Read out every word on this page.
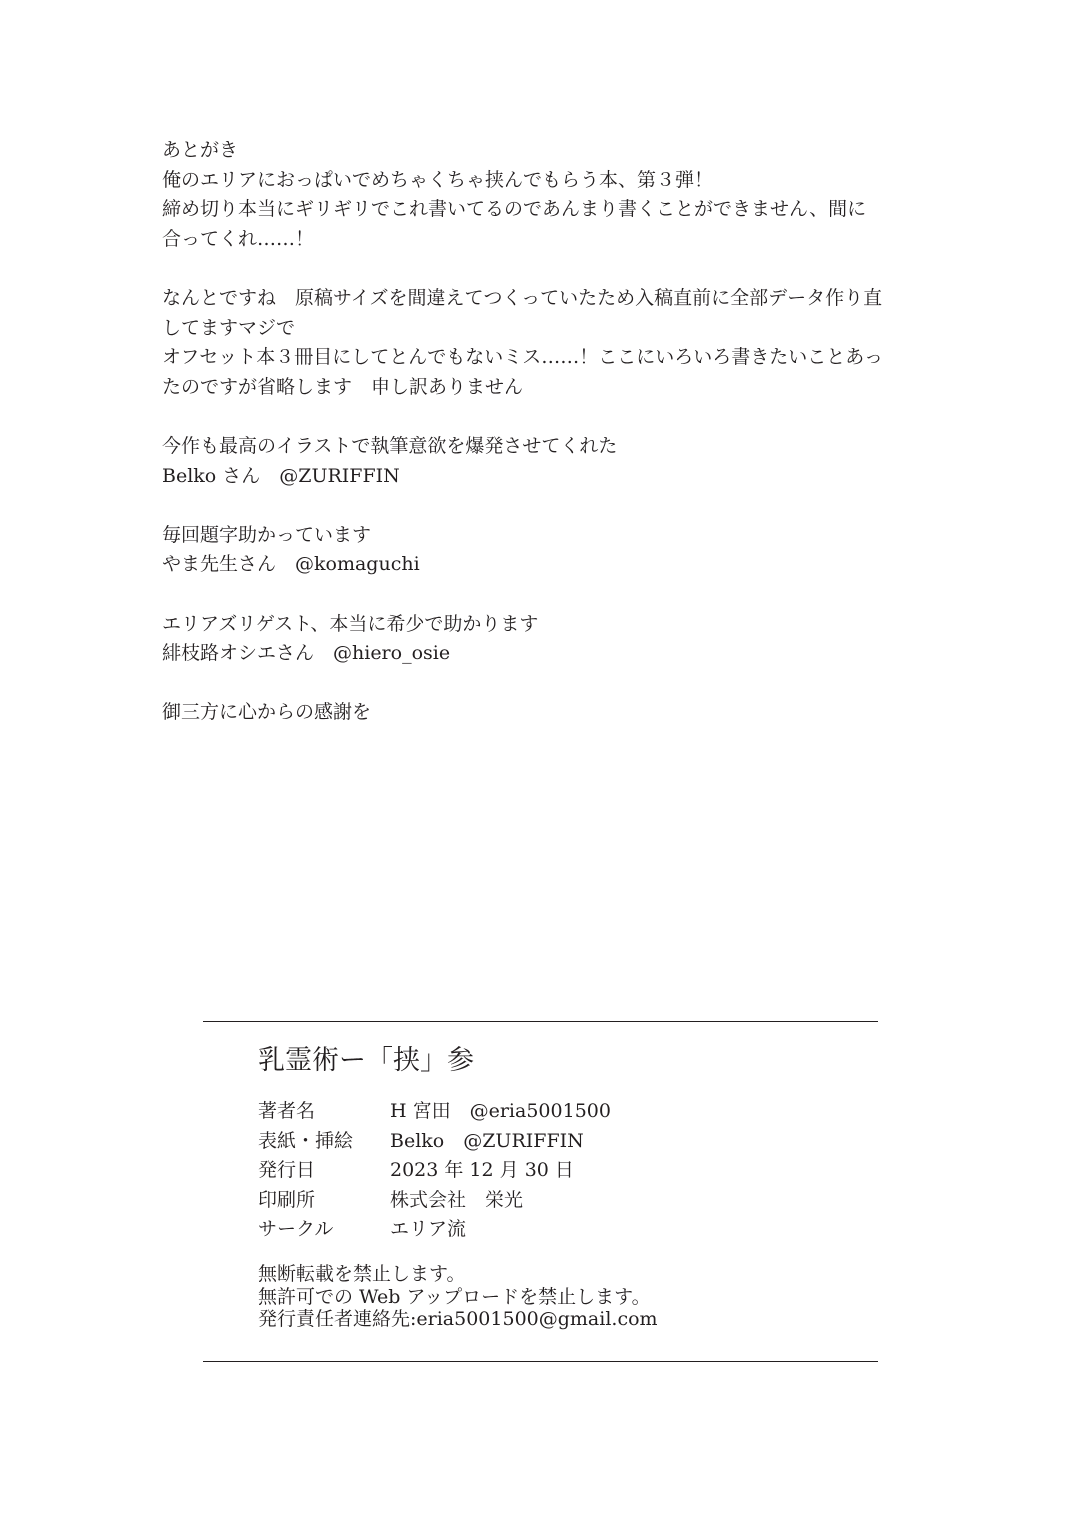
あとがき

俺のエリアにおっぱいでめちゃくちゃ挟んでもらう本、第３弾！

締め切り本当にギリギリでこれ書いてるのであんまり書くことができません、間に

合ってくれ……！

なんとですね　原稿サイズを間違えてつくっていたため入稿直前に全部データ作り直

してますマジで

オフセット本３冊目にしてとんでもないミス……！ここにいろいろ書きたいことあっ

たのですが省略します　申し訳ありません

今作も最高のイラストで執筆意欲を爆発させてくれた

Belko さん　@ZURIFFIN

毎回題字助かっています

やま先生さん　@komaguchi

エリアズリゲスト、本当に希少で助かります

緋枝路オシエさん　@hiero_osie

御三方に心からの感謝を

乳霊術ー「挟」参
著者名	H 宮田　@eria5001500
表紙・挿絵	Belko　@ZURIFFIN
発行日	2023 年 12 月 30 日
印刷所	株式会社　栄光
サークル	エリア流

無断転載を禁止します。

無許可での Web アップロードを禁止します。

発行責任者連絡先:eria5001500@gmail.com
